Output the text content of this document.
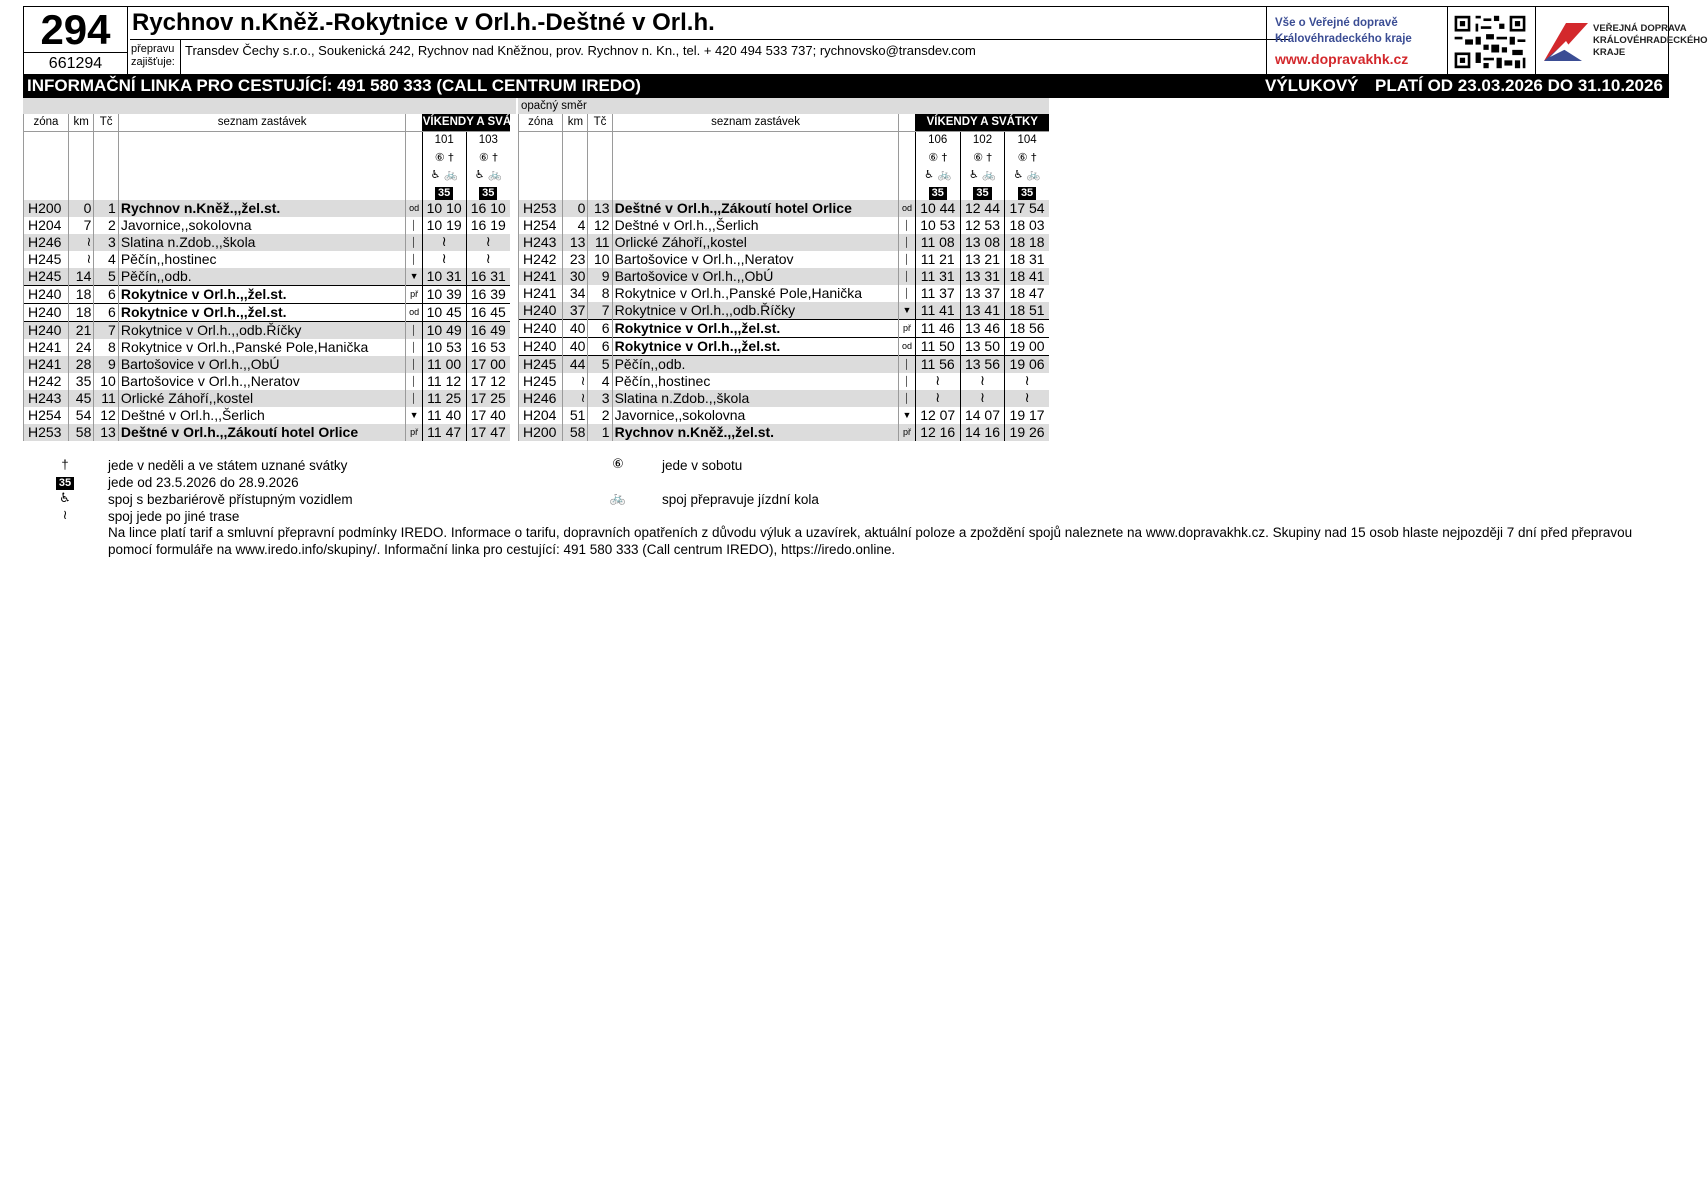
294
661294
Rychnov n.Kněž.-Rokytnice v Orl.h.-Deštné v Orl.h.
přepravu zajišťuje:
Transdev Čechy s.r.o., Soukenická 242, Rychnov nad Kněžnou, prov. Rychnov n. Kn., tel. + 420 494 533 737; rychnovsko@transdev.com
Vše o Veřejné dopravě
Královéhradeckého kraje
www.dopravakhk.cz
VEŘEJNÁ DOPRAVA
KRÁLOVÉHRADECKÉHO
KRAJE
INFORMAČNÍ LINKA PRO CESTUJÍCÍ: 491 580 333 (CALL CENTRUM IREDO)	VÝLUKOVÝ PLATÍ OD 23.03.2026 DO 31.10.2026
zóna	km	Tč	seznam zastávek		VÍKENDY A SVÁTKY	
					101	103
					⑥ †	⑥ †
					♿ 🚲	♿ 🚲
					35	35
H200	0	1	Rychnov n.Kněž.,,žel.st.	od	10 10	16 10
H204	7	2	Javornice,,sokolovna	│	10 19	16 19
H246	≀	3	Slatina n.Zdob.,,škola	│	≀	≀
H245	≀	4	Pěčín,,hostinec	│	≀	≀
H245	14	5	Pěčín,,odb.	▼	10 31	16 31
H240	18	6	Rokytnice v Orl.h.,,žel.st.	př	10 39	16 39
H240	18	6	Rokytnice v Orl.h.,,žel.st.	od	10 45	16 45
H240	21	7	Rokytnice v Orl.h.,,odb.Říčky	│	10 49	16 49
H241	24	8	Rokytnice v Orl.h.,Panské Pole,Hanička	│	10 53	16 53
H241	28	9	Bartošovice v Orl.h.,,ObÚ	│	11 00	17 00
H242	35	10	Bartošovice v Orl.h.,,Neratov	│	11 12	17 12
H243	45	11	Orlické Záhoří,,kostel	│	11 25	17 25
H254	54	12	Deštné v Orl.h.,,Šerlich	▼	11 40	17 40
H253	58	13	Deštné v Orl.h.,,Zákoutí hotel Orlice	př	11 47	17 47
opačný směr
zóna	km	Tč	seznam zastávek		VÍKENDY A SVÁTKY		
					106	102	104
					⑥ †	⑥ †	⑥ †
					♿ 🚲	♿ 🚲	♿ 🚲
					35	35	35
H253	0	13	Deštné v Orl.h.,,Zákoutí hotel Orlice	od	10 44	12 44	17 54
H254	4	12	Deštné v Orl.h.,,Šerlich	│	10 53	12 53	18 03
H243	13	11	Orlické Záhoří,,kostel	│	11 08	13 08	18 18
H242	23	10	Bartošovice v Orl.h.,,Neratov	│	11 21	13 21	18 31
H241	30	9	Bartošovice v Orl.h.,,ObÚ	│	11 31	13 31	18 41
H241	34	8	Rokytnice v Orl.h.,Panské Pole,Hanička	│	11 37	13 37	18 47
H240	37	7	Rokytnice v Orl.h.,,odb.Říčky	▼	11 41	13 41	18 51
H240	40	6	Rokytnice v Orl.h.,,žel.st.	př	11 46	13 46	18 56
H240	40	6	Rokytnice v Orl.h.,,žel.st.	od	11 50	13 50	19 00
H245	44	5	Pěčín,,odb.	│	11 56	13 56	19 06
H245	≀	4	Pěčín,,hostinec	│	≀	≀	≀
H246	≀	3	Slatina n.Zdob.,,škola	│	≀	≀	≀
H204	51	2	Javornice,,sokolovna	▼	12 07	14 07	19 17
H200	58	1	Rychnov n.Kněž.,,žel.st.	př	12 16	14 16	19 26
†	jede v neděli a ve státem uznané svátky
35	jede od 23.5.2026 do 28.9.2026
♿	spoj s bezbariérově přístupným vozidlem
≀	spoj jede po jiné trase
⑥	jede v sobotu
🚲	spoj přepravuje jízdní kola
Na lince platí tarif a smluvní přepravní podmínky IREDO. Informace o tarifu, dopravních opatřeních z důvodu výluk a uzavírek, aktuální poloze a zpoždění spojů naleznete na www.dopravakhk.cz. Skupiny nad 15 osob hlaste nejpozději 7 dní před přepravou pomocí formuláře na www.iredo.info/skupiny/. Informační linka pro cestující: 491 580 333 (Call centrum IREDO), https://iredo.online.
